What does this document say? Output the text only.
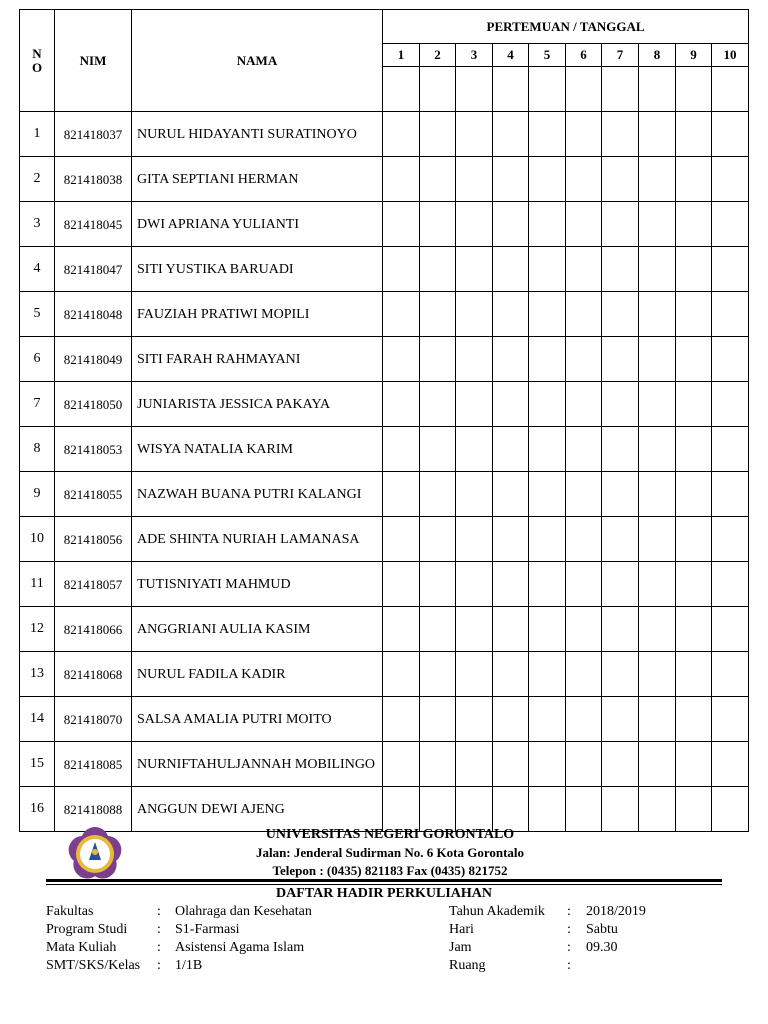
N
O	NIM	NAMA	PERTEMUAN / TANGGAL									
			1	2	3	4	5	6	7	8	9	10

1	821418037	NURUL HIDAYANTI SURATINOYO										
2	821418038	GITA SEPTIANI HERMAN										
3	821418045	DWI APRIANA YULIANTI										
4	821418047	SITI YUSTIKA BARUADI										
5	821418048	FAUZIAH PRATIWI MOPILI										
6	821418049	SITI FARAH RAHMAYANI										
7	821418050	JUNIARISTA JESSICA PAKAYA										
8	821418053	WISYA NATALIA KARIM										
9	821418055	NAZWAH BUANA PUTRI KALANGI										
10	821418056	ADE SHINTA NURIAH LAMANASA										
11	821418057	TUTISNIYATI MAHMUD										
12	821418066	ANGGRIANI AULIA KASIM										
13	821418068	NURUL FADILA KADIR										
14	821418070	SALSA AMALIA PUTRI MOITO										
15	821418085	NURNIFTAHULJANNAH MOBILINGO										
16	821418088	ANGGUN DEWI AJENG										
UNIVERSITAS NEGERI GORONTALO
Jalan: Jenderal Sudirman No. 6 Kota Gorontalo
Telepon : (0435) 821183 Fax (0435) 821752
DAFTAR HADIR PERKULIAHAN
Fakultas	: Olahraga dan Kesehatan
Program Studi : S1-Farmasi
Mata Kuliah	: Asistensi Agama Islam
SMT/SKS/Kelas : 1/1B
Tahun Akademik : 2018/2019
Hari	: Sabtu
Jam	: 09.30
Ruang	:
